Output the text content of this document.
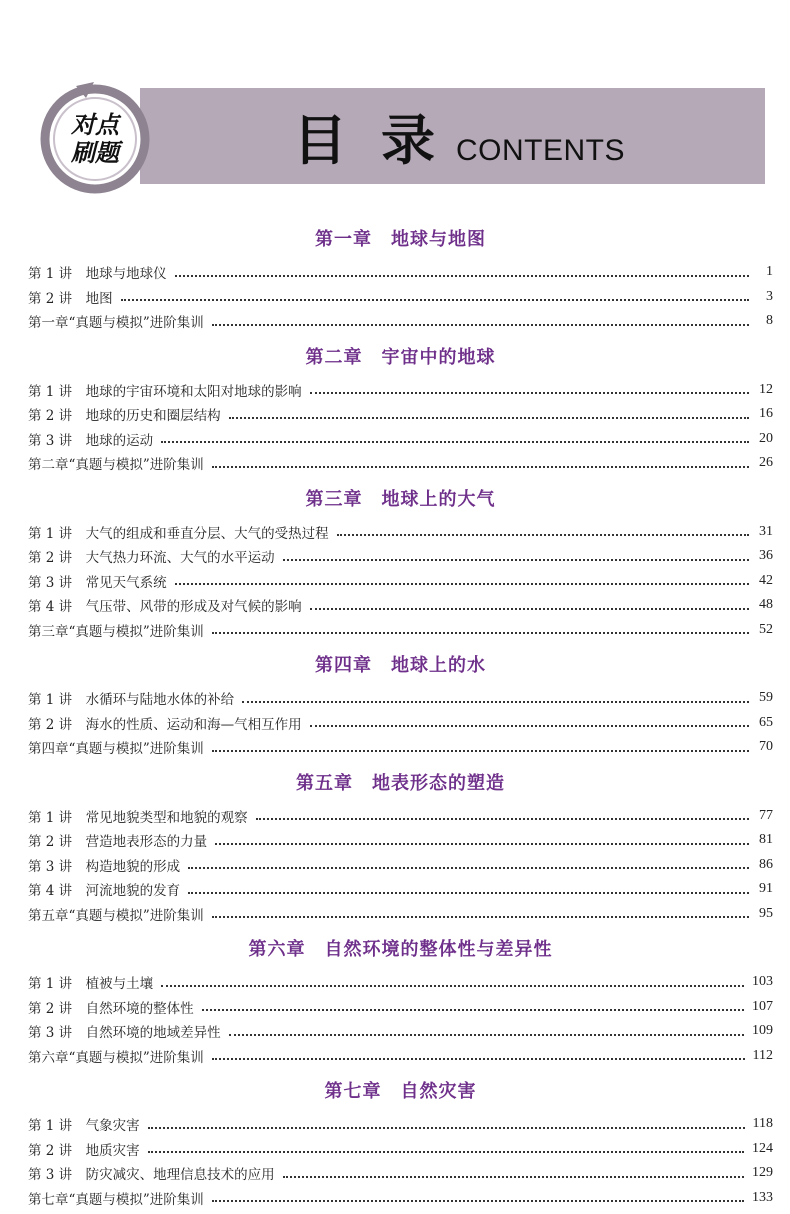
目录
CONTENTS
对点
刷题
第一章　地球与地图
第 1 讲　地球与地球仪	1
第 2 讲　地图	3
第一章“真题与模拟”进阶集训	8
第二章　宇宙中的地球
第 1 讲　地球的宇宙环境和太阳对地球的影响	12
第 2 讲　地球的历史和圈层结构	16
第 3 讲　地球的运动	20
第二章“真题与模拟”进阶集训	26
第三章　地球上的大气
第 1 讲　大气的组成和垂直分层、大气的受热过程	31
第 2 讲　大气热力环流、大气的水平运动	36
第 3 讲　常见天气系统	42
第 4 讲　气压带、风带的形成及对气候的影响	48
第三章“真题与模拟”进阶集训	52
第四章　地球上的水
第 1 讲　水循环与陆地水体的补给	59
第 2 讲　海水的性质、运动和海—气相互作用	65
第四章“真题与模拟”进阶集训	70
第五章　地表形态的塑造
第 1 讲　常见地貌类型和地貌的观察	77
第 2 讲　营造地表形态的力量	81
第 3 讲　构造地貌的形成	86
第 4 讲　河流地貌的发育	91
第五章“真题与模拟”进阶集训	95
第六章　自然环境的整体性与差异性
第 1 讲　植被与土壤	103
第 2 讲　自然环境的整体性	107
第 3 讲　自然环境的地域差异性	109
第六章“真题与模拟”进阶集训	112
第七章　自然灾害
第 1 讲　气象灾害	118
第 2 讲　地质灾害	124
第 3 讲　防灾减灾、地理信息技术的应用	129
第七章“真题与模拟”进阶集训	133
